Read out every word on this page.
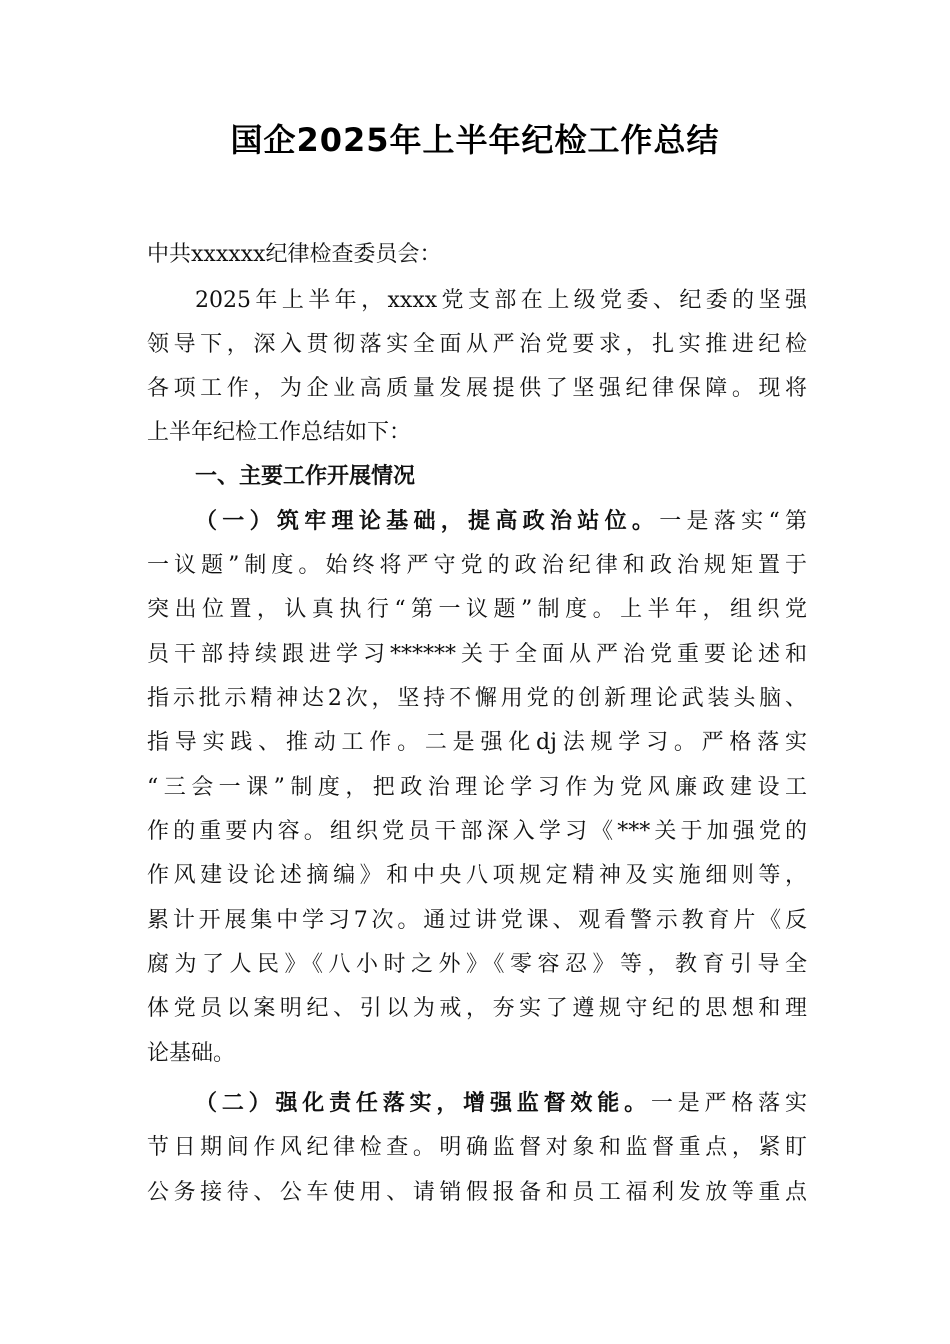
国企2025年上半年纪检工作总结
中共xxxxxx纪律检查委员会：
2025年上半年，xxxx党支部在上级党委、纪委的坚强
领导下，深入贯彻落实全面从严治党要求，扎实推进纪检
各项工作，为企业高质量发展提供了坚强纪律保障。现将
上半年纪检工作总结如下：
一、主要工作开展情况
（一）筑牢理论基础，提高政治站位。一是落实“第
一议题”制度。始终将严守党的政治纪律和政治规矩置于
突出位置，认真执行“第一议题”制度。上半年，组织党
员干部持续跟进学习******关于全面从严治党重要论述和
指示批示精神达2次，坚持不懈用党的创新理论武装头脑、
指导实践、推动工作。二是强化dj法规学习。严格落实
“三会一课”制度，把政治理论学习作为党风廉政建设工
作的重要内容。组织党员干部深入学习《***关于加强党的
作风建设论述摘编》和中央八项规定精神及实施细则等，
累计开展集中学习7次。通过讲党课、观看警示教育片《反
腐为了人民》《八小时之外》《零容忍》等，教育引导全
体党员以案明纪、引以为戒，夯实了遵规守纪的思想和理
论基础。
（二）强化责任落实，增强监督效能。一是严格落实
节日期间作风纪律检查。明确监督对象和监督重点，紧盯
公务接待、公车使用、请销假报备和员工福利发放等重点
